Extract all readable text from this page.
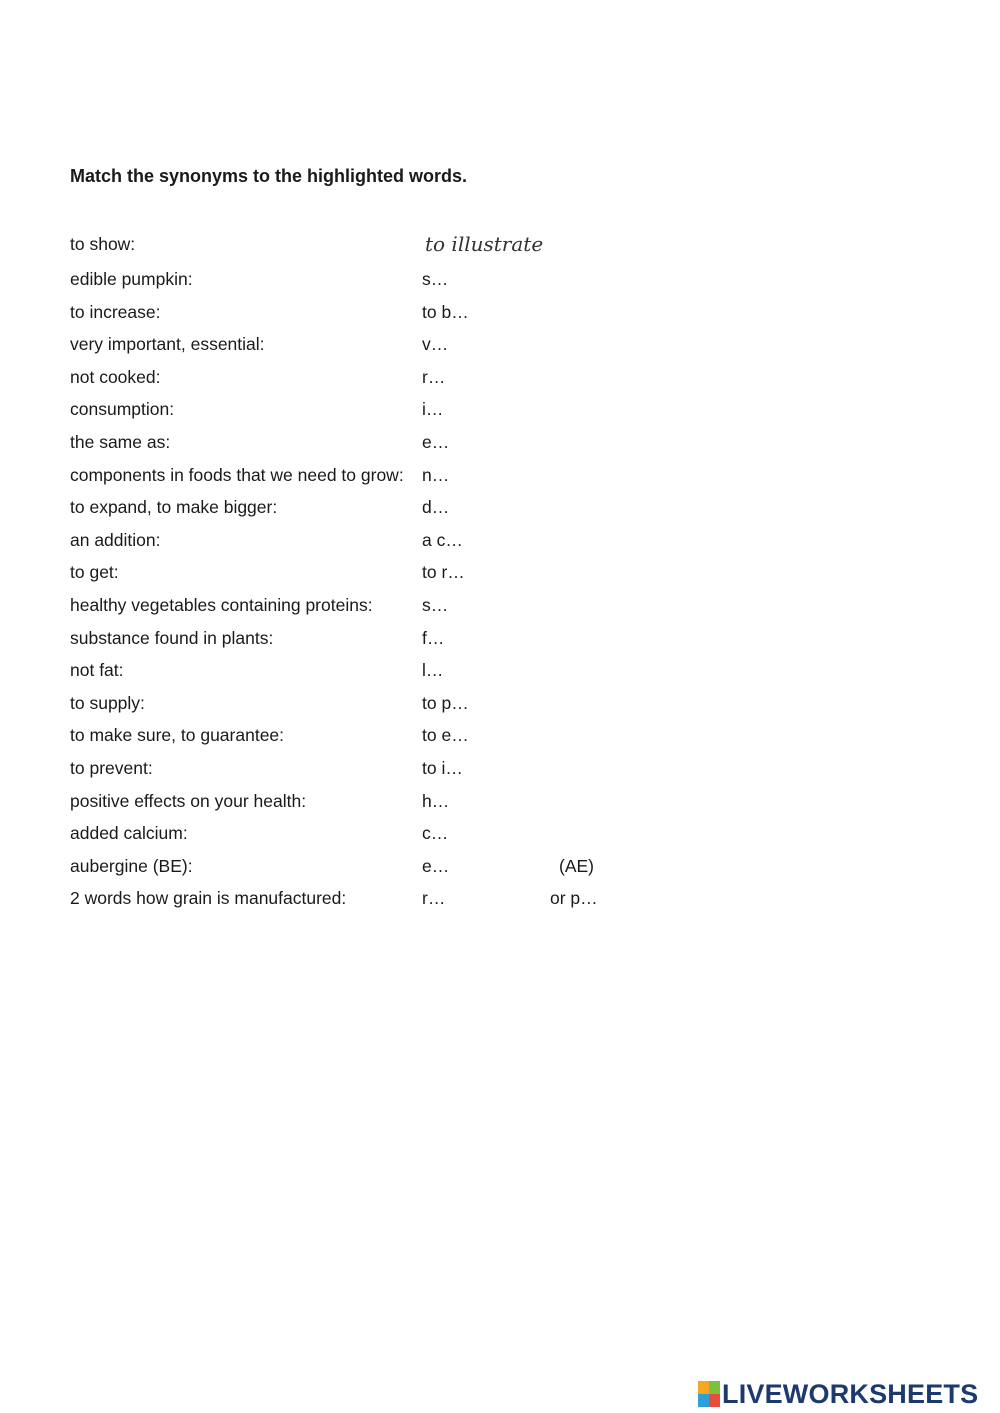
Match the synonyms to the highlighted words.
to show:	to illustrate
edible pumpkin:	s…
to increase:	to b…
very important, essential:	v…
not cooked:	r…
consumption:	i…
the same as:	e…
components in foods that we need to grow: n…
to expand, to make bigger:	d…
an addition:	a c…
to get:	to r…
healthy vegetables containing proteins:	s…
substance found in plants:	f…
not fat:	l…
to supply:	to p…
to make sure, to guarantee:	to e…
to prevent:	to i…
positive effects on your health:	h…
added calcium:	c…
aubergine (BE):	e…	(AE)
2 words how grain is manufactured:	r…	or p…
LIVEWORKSHEETS
